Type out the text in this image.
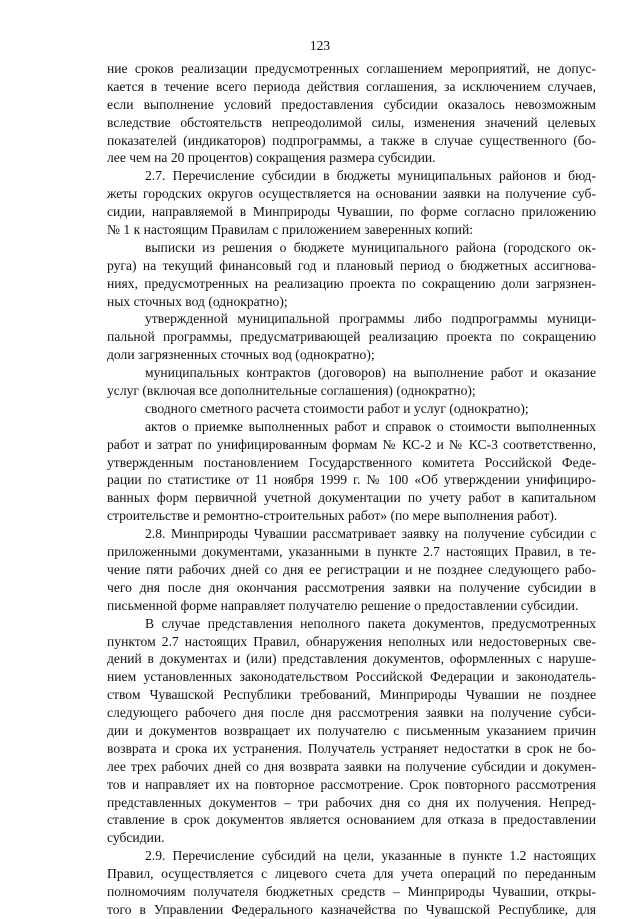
123
ние сроков реализации предусмотренных соглашением мероприятий, не допус-
кается в течение всего периода действия соглашения, за исключением случаев,
если выполнение условий предоставления субсидии оказалось невозможным
вследствие обстоятельств непреодолимой силы, изменения значений целевых
показателей (индикаторов) подпрограммы, а также в случае существенного (бо-
лее чем на 20 процентов) сокращения размера субсидии.
2.7. Перечисление субсидии в бюджеты муниципальных районов и бюд-
жеты городских округов осуществляется на основании заявки на получение суб-
сидии, направляемой в Минприроды Чувашии, по форме согласно приложению
№ 1 к настоящим Правилам с приложением заверенных копий:
выписки из решения о бюджете муниципального района (городского ок-
руга) на текущий финансовый год и плановый период о бюджетных ассигнова-
ниях, предусмотренных на реализацию проекта по сокращению доли загрязнен-
ных сточных вод (однократно);
утвержденной муниципальной программы либо подпрограммы муници-
пальной программы, предусматривающей реализацию проекта по сокращению
доли загрязненных сточных вод (однократно);
муниципальных контрактов (договоров) на выполнение работ и оказание
услуг (включая все дополнительные соглашения) (однократно);
сводного сметного расчета стоимости работ и услуг (однократно);
актов о приемке выполненных работ и справок о стоимости выполненных
работ и затрат по унифицированным формам № КС-2 и № КС-3 соответственно,
утвержденным постановлением Государственного комитета Российской Феде-
рации по статистике от 11 ноября 1999 г. № 100 «Об утверждении унифициро-
ванных форм первичной учетной документации по учету работ в капитальном
строительстве и ремонтно-строительных работ» (по мере выполнения работ).
2.8. Минприроды Чувашии рассматривает заявку на получение субсидии с
приложенными документами, указанными в пункте 2.7 настоящих Правил, в те-
чение пяти рабочих дней со дня ее регистрации и не позднее следующего рабо-
чего дня после дня окончания рассмотрения заявки на получение субсидии в
письменной форме направляет получателю решение о предоставлении субсидии.
В случае представления неполного пакета документов, предусмотренных
пунктом 2.7 настоящих Правил, обнаружения неполных или недостоверных све-
дений в документах и (или) представления документов, оформленных с наруше-
нием установленных законодательством Российской Федерации и законодатель-
ством Чувашской Республики требований, Минприроды Чувашии не позднее
следующего рабочего дня после дня рассмотрения заявки на получение субси-
дии и документов возвращает их получателю с письменным указанием причин
возврата и срока их устранения. Получатель устраняет недостатки в срок не бо-
лее трех рабочих дней со дня возврата заявки на получение субсидии и докумен-
тов и направляет их на повторное рассмотрение. Срок повторного рассмотрения
представленных документов – три рабочих дня со дня их получения. Непред-
ставление в срок документов является основанием для отказа в предоставлении
субсидии.
2.9. Перечисление субсидий на цели, указанные в пункте 1.2 настоящих
Правил, осуществляется с лицевого счета для учета операций по переданным
полномочиям получателя бюджетных средств – Минприроды Чувашии, откры-
того в Управлении Федерального казначейства по Чувашской Республике, для
